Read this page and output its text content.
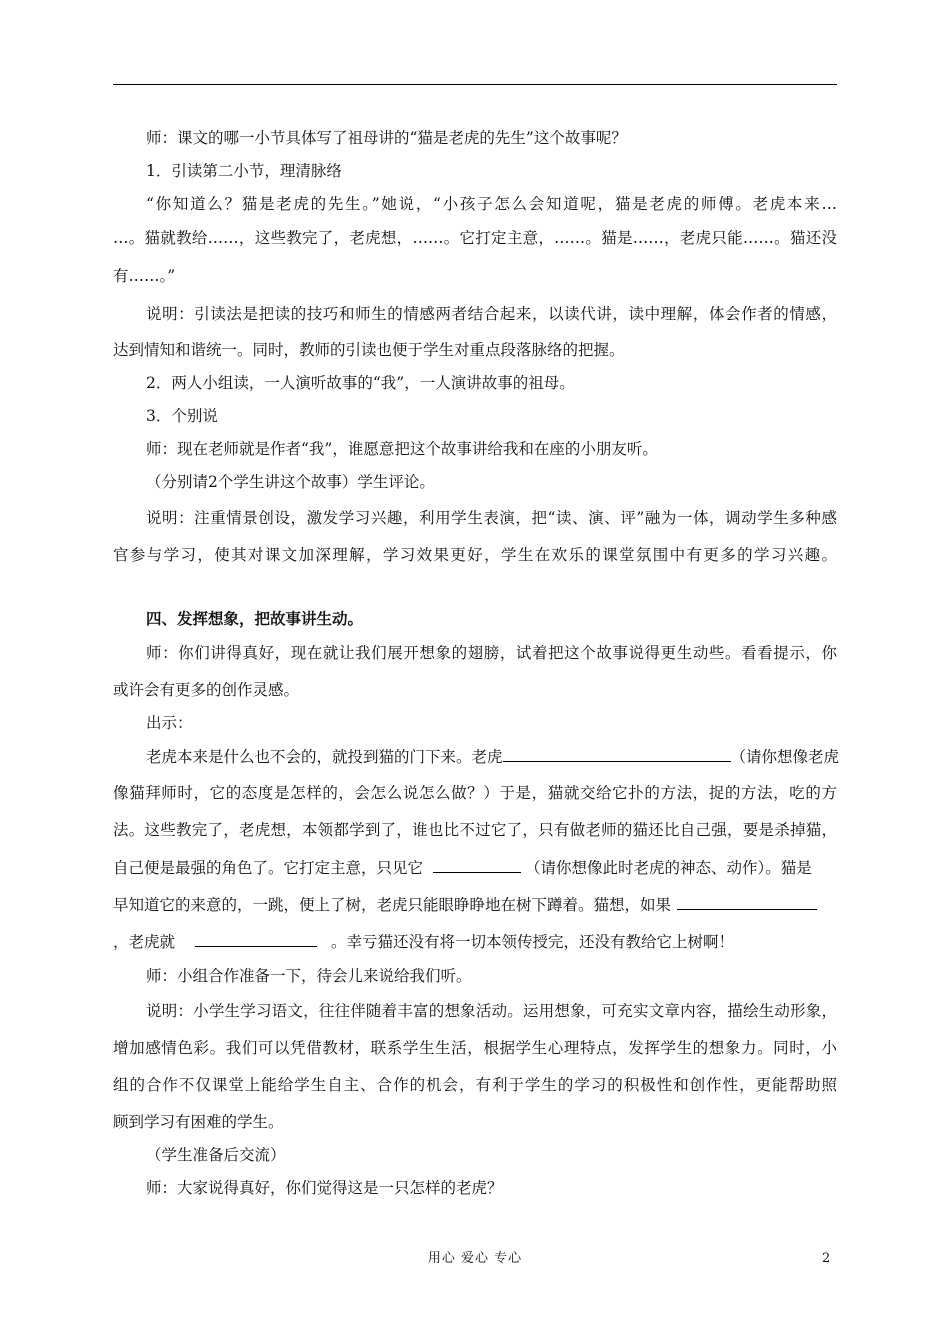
师：课文的哪一小节具体写了祖母讲的“猫是老虎的先生”这个故事呢？
1．引读第二小节，理清脉络
“你知道么？猫是老虎的先生。”她说，“小孩子怎么会知道呢，猫是老虎的师傅。老虎本来…
…。猫就教给……，这些教完了，老虎想，……。它打定主意，……。猫是……，老虎只能……。猫还没
有……。”
说明：引读法是把读的技巧和师生的情感两者结合起来，以读代讲，读中理解，体会作者的情感，
达到情知和谐统一。同时，教师的引读也便于学生对重点段落脉络的把握。
2．两人小组读，一人演听故事的“我”，一人演讲故事的祖母。
3．个别说
师：现在老师就是作者“我”，谁愿意把这个故事讲给我和在座的小朋友听。
（分别请2个学生讲这个故事）学生评论。
说明：注重情景创设，激发学习兴趣，利用学生表演，把“读、演、评”融为一体，调动学生多种感
官参与学习，使其对课文加深理解，学习效果更好，学生在欢乐的课堂氛围中有更多的学习兴趣。
四、发挥想象，把故事讲生动。
师：你们讲得真好，现在就让我们展开想象的翅膀，试着把这个故事说得更生动些。看看提示，你
或许会有更多的创作灵感。
出示：
老虎本来是什么也不会的，就投到猫的门下来。老虎	（请你想像老虎
像猫拜师时，它的态度是怎样的，会怎么说怎么做？）于是，猫就交给它扑的方法，捉的方法，吃的方
法。这些教完了，老虎想，本领都学到了，谁也比不过它了，只有做老师的猫还比自己强，要是杀掉猫，
自己便是最强的角色了。它打定主意，只见它	（请你想像此时老虎的神态、动作）。猫是
早知道它的来意的，一跳，便上了树，老虎只能眼睁睁地在树下蹲着。猫想，如果
，老虎就	。幸亏猫还没有将一切本领传授完，还没有教给它上树啊！
师：小组合作准备一下，待会儿来说给我们听。
说明：小学生学习语文，往往伴随着丰富的想象活动。运用想象，可充实文章内容，描绘生动形象，
增加感情色彩。我们可以凭借教材，联系学生生活，根据学生心理特点，发挥学生的想象力。同时，小
组的合作不仅课堂上能给学生自主、合作的机会，有利于学生的学习的积极性和创作性，更能帮助照
顾到学习有困难的学生。
（学生准备后交流）
师：大家说得真好，你们觉得这是一只怎样的老虎？
用心 爱心 专心	2
